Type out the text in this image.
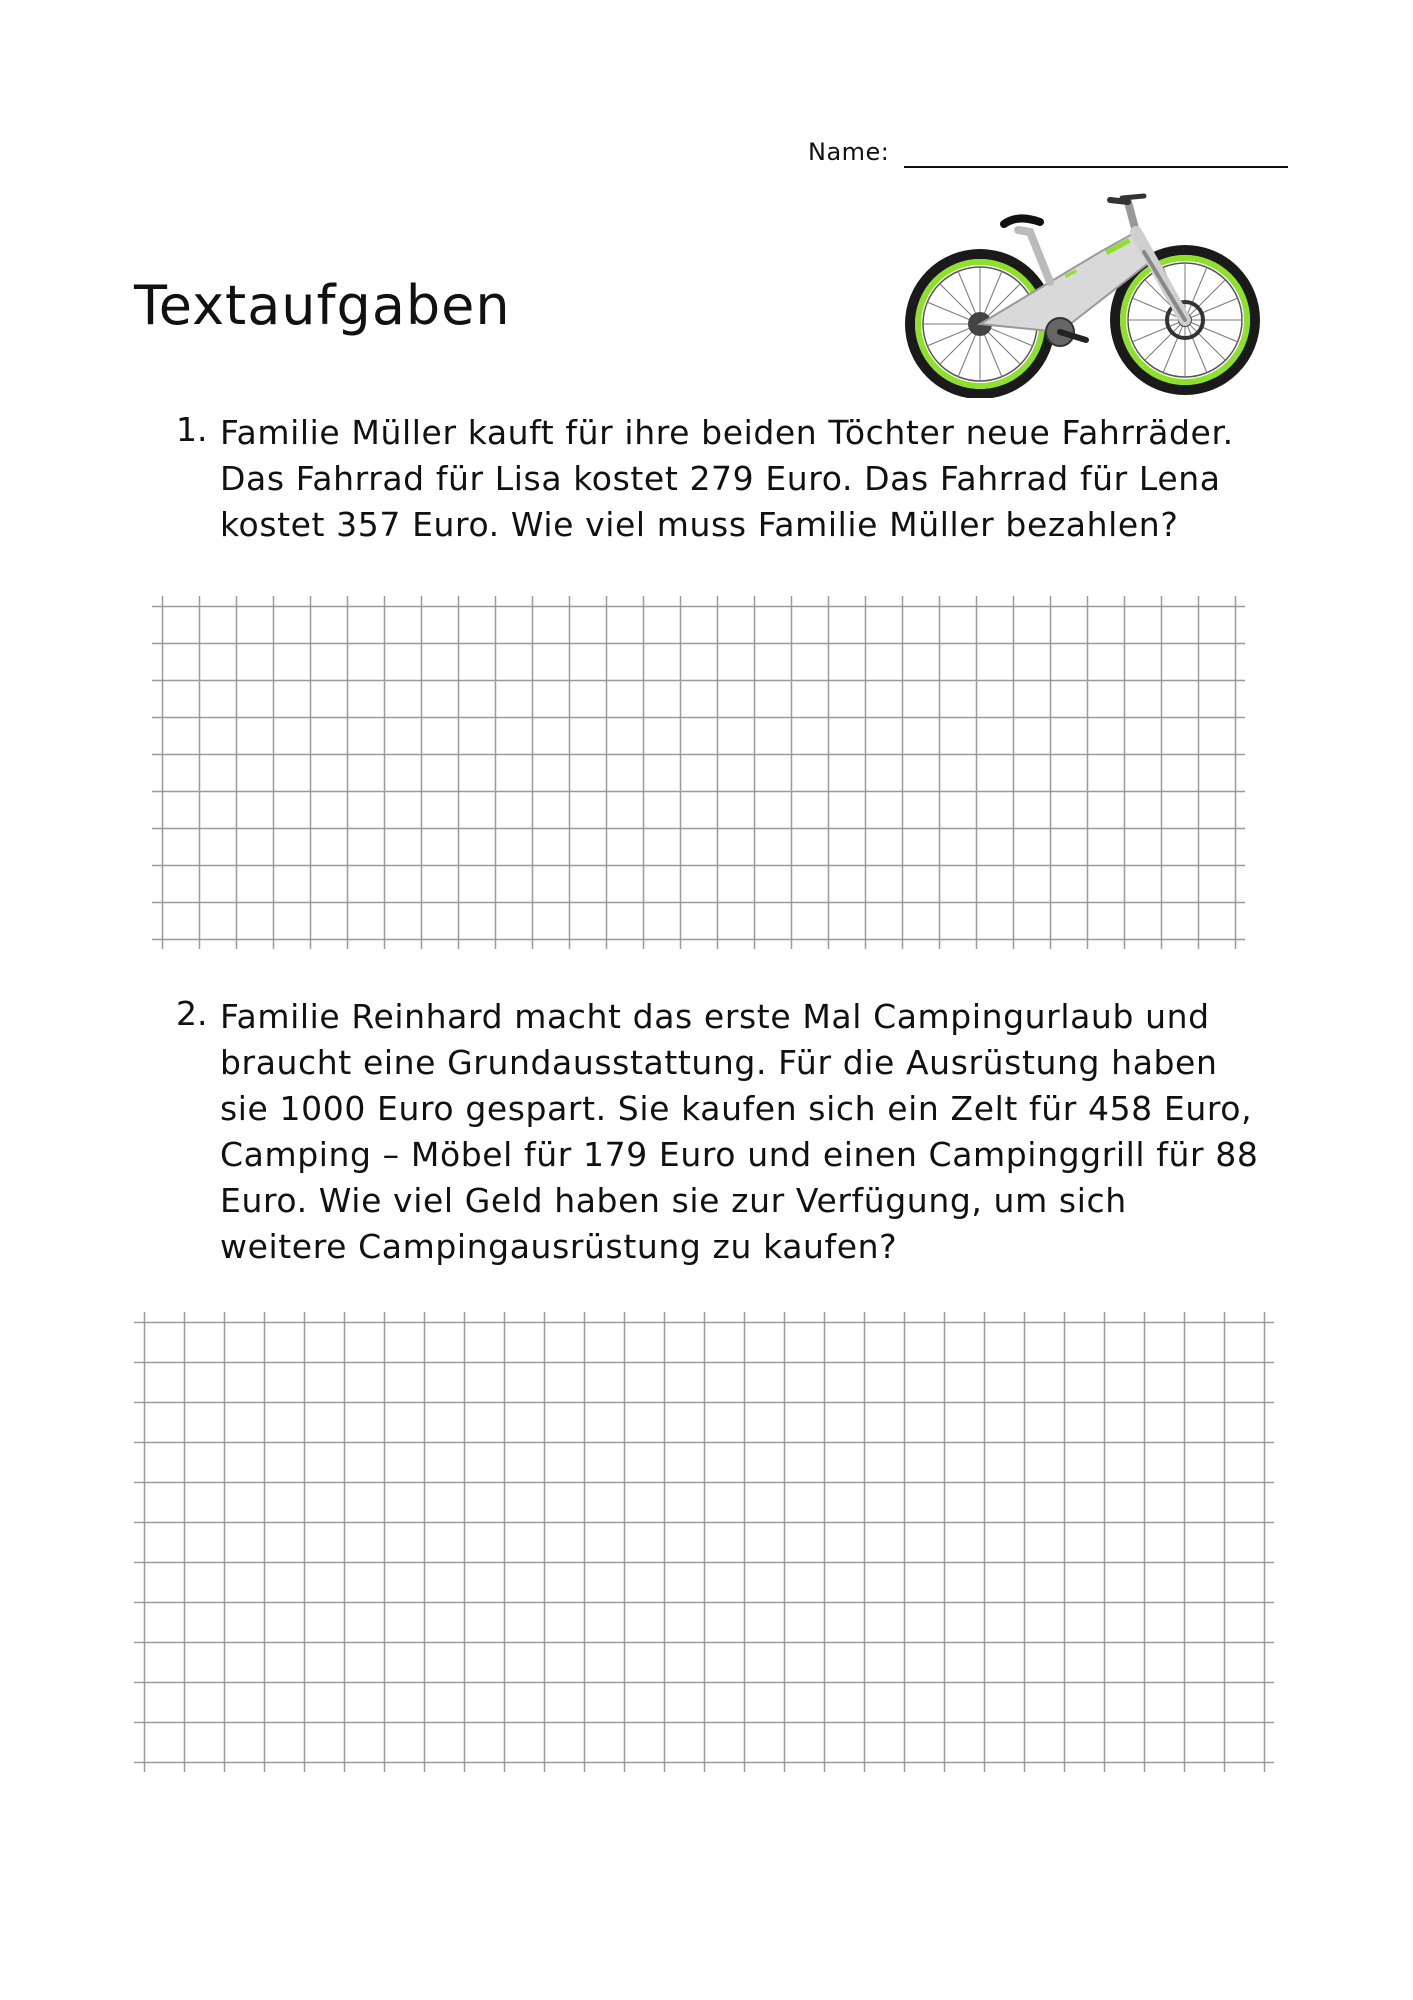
Name:
Textaufgaben
1. Familie Müller kauft für ihre beiden Töchter neue Fahrräder. Das Fahrrad für Lisa kostet 279 Euro. Das Fahrrad für Lena kostet 357 Euro. Wie viel muss Familie Müller bezahlen?

2. Familie Reinhard macht das erste Mal Campingurlaub und braucht eine Grundausstattung. Für die Ausrüstung haben sie 1000 Euro gespart. Sie kaufen sich ein Zelt für 458 Euro, Camping – Möbel für 179 Euro und einen Campinggrill für 88 Euro. Wie viel Geld haben sie zur Verfügung, um sich weitere Campingausrüstung zu kaufen?
